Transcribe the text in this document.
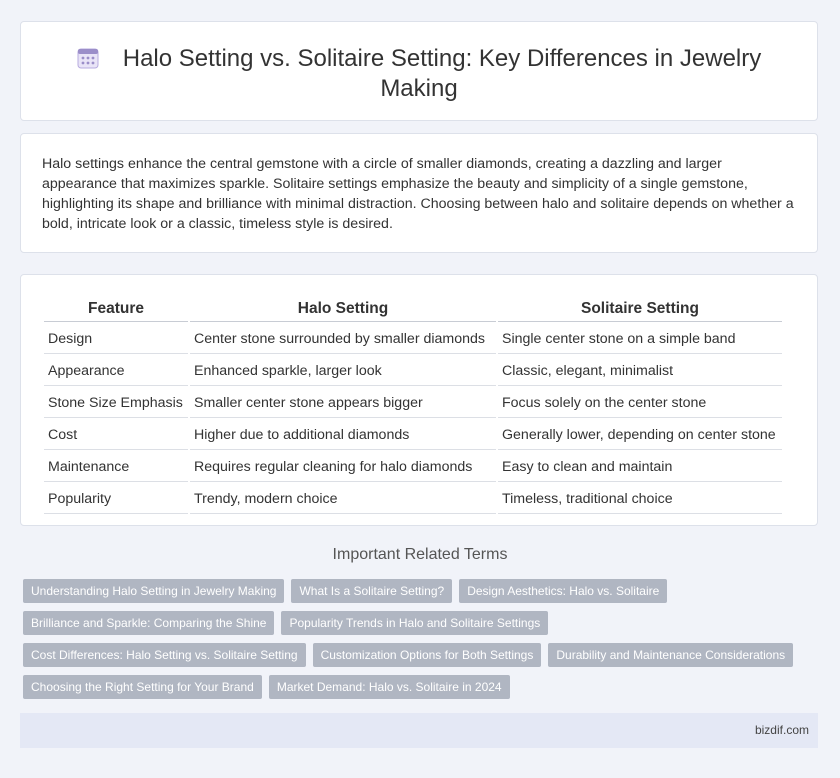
Halo Setting vs. Solitaire Setting: Key Differences in Jewelry
Making

Halo settings enhance the central gemstone with a circle of smaller diamonds, creating a dazzling and larger appearance that maximizes sparkle. Solitaire settings emphasize the beauty and simplicity of a single gemstone, highlighting its shape and brilliance with minimal distraction. Choosing between halo and solitaire depends on whether a bold, intricate look or a classic, timeless style is desired.

Feature	Halo Setting	Solitaire Setting
Design	Center stone surrounded by smaller diamonds	Single center stone on a simple band
Appearance	Enhanced sparkle, larger look	Classic, elegant, minimalist
Stone Size Emphasis	Smaller center stone appears bigger	Focus solely on the center stone
Cost	Higher due to additional diamonds	Generally lower, depending on center stone
Maintenance	Requires regular cleaning for halo diamonds	Easy to clean and maintain
Popularity	Trendy, modern choice	Timeless, traditional choice
Important Related Terms
Understanding Halo Setting in Jewelry Making	What Is a Solitaire Setting?	Design Aesthetics: Halo vs. Solitaire
Brilliance and Sparkle: Comparing the Shine	Popularity Trends in Halo and Solitaire Settings
Cost Differences: Halo Setting vs. Solitaire Setting	Customization Options for Both Settings	Durability and Maintenance Considerations
Choosing the Right Setting for Your Brand	Market Demand: Halo vs. Solitaire in 2024
bizdif.com
